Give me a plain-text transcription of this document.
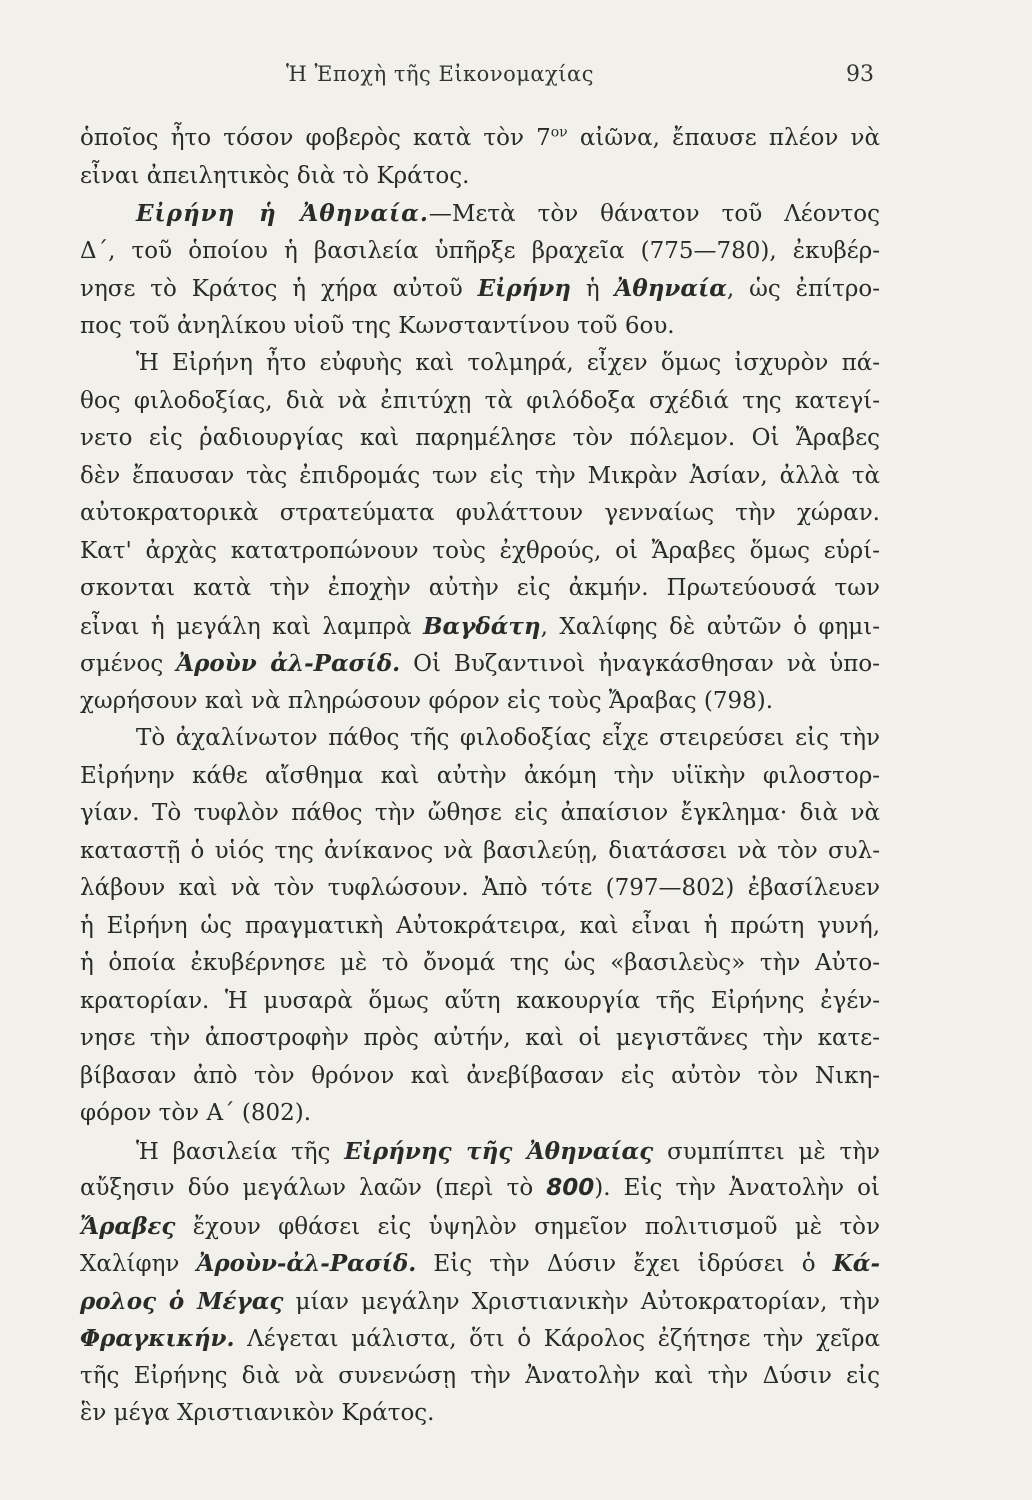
Ἡ Ἐποχὴ τῆς Εἰκονομαχίας	93
ὁποῖος ἦτο τόσον φοβερὸς κατὰ τὸν $7^{o\nu}$ αἰῶνα, ἔπαυσε πλέον νὰ
εἶναι ἀπειλητικὸς διὰ τὸ Κράτος.
Εἰρήνη ἡ Ἀθηναία.—Μετὰ τὸν θάνατον τοῦ Λέοντος
Δ΄, τοῦ ὁποίου ἡ βασιλεία ὑπῆρξε βραχεῖα (775—780), ἐκυβέρ-
νησε τὸ Κράτος ἡ χήρα αὐτοῦ Εἰρήνη ἡ Ἀθηναία, ὡς ἐπίτρο-
πος τοῦ ἀνηλίκου υἱοῦ της Κωνσταντίνου τοῦ 6ου.
Ἡ Εἰρήνη ἦτο εὐφυὴς καὶ τολμηρά, εἶχεν ὅμως ἰσχυρὸν πά-
θος φιλοδοξίας, διὰ νὰ ἐπιτύχῃ τὰ φιλόδοξα σχέδιά της κατεγί-
νετο εἰς ῥαδιουργίας καὶ παρημέλησε τὸν πόλεμον. Οἱ Ἄραβες
δὲν ἔπαυσαν τὰς ἐπιδρομάς των εἰς τὴν Μικρὰν Ἀσίαν, ἀλλὰ τὰ
αὐτοκρατορικὰ στρατεύματα φυλάττουν γενναίως τὴν χώραν.
Κατ' ἀρχὰς κατατροπώνουν τοὺς ἐχθρούς, οἱ Ἄραβες ὅμως εὑρί-
σκονται κατὰ τὴν ἐποχὴν αὐτὴν εἰς ἀκμήν. Πρωτεύουσά των
εἶναι ἡ μεγάλη καὶ λαμπρὰ Βαγδάτη, Χαλίφης δὲ αὐτῶν ὁ φημι-
σμένος Ἀροὺν ἀλ-Ρασίδ. Οἱ Βυζαντινοὶ ἠναγκάσθησαν νὰ ὑπο-
χωρήσουν καὶ νὰ πληρώσουν φόρον εἰς τοὺς Ἄραβας (798).
Τὸ ἀχαλίνωτον πάθος τῆς φιλοδοξίας εἶχε στειρεύσει εἰς τὴν
Εἰρήνην κάθε αἴσθημα καὶ αὐτὴν ἀκόμη τὴν υἱϊκὴν φιλοστορ-
γίαν. Τὸ τυφλὸν πάθος τὴν ὤθησε εἰς ἀπαίσιον ἔγκλημα· διὰ νὰ
καταστῇ ὁ υἱός της ἀνίκανος νὰ βασιλεύῃ, διατάσσει νὰ τὸν συλ-
λάβουν καὶ νὰ τὸν τυφλώσουν. Ἀπὸ τότε (797—802) ἐβασίλευεν
ἡ Εἰρήνη ὡς πραγματικὴ Αὐτοκράτειρα, καὶ εἶναι ἡ πρώτη γυνή,
ἡ ὁποία ἐκυβέρνησε μὲ τὸ ὄνομά της ὡς «βασιλεὺς» τὴν Αὐτο-
κρατορίαν. Ἡ μυσαρὰ ὅμως αὕτη κακουργία τῆς Εἰρήνης ἐγέν-
νησε τὴν ἀποστροφὴν πρὸς αὐτήν, καὶ οἱ μεγιστᾶνες τὴν κατε-
βίβασαν ἀπὸ τὸν θρόνον καὶ ἀνεβίβασαν εἰς αὐτὸν τὸν Νικη-
φόρον τὸν Α΄ (802).
Ἡ βασιλεία τῆς Εἰρήνης τῆς Ἀθηναίας συμπίπτει μὲ τὴν
αὔξησιν δύο μεγάλων λαῶν (περὶ τὸ 800). Εἰς τὴν Ἀνατολὴν οἱ
Ἄραβες ἔχουν φθάσει εἰς ὑψηλὸν σημεῖον πολιτισμοῦ μὲ τὸν
Χαλίφην Ἀροὺν-ἀλ-Ρασίδ. Εἰς τὴν Δύσιν ἔχει ἱδρύσει ὁ Κά-
ρολος ὁ Μέγας μίαν μεγάλην Χριστιανικὴν Αὐτοκρατορίαν, τὴν
Φραγκικήν. Λέγεται μάλιστα, ὅτι ὁ Κάρολος ἐζήτησε τὴν χεῖρα
τῆς Εἰρήνης διὰ νὰ συνενώσῃ τὴν Ἀνατολὴν καὶ τὴν Δύσιν εἰς
ἓν μέγα Χριστιανικὸν Κράτος.
